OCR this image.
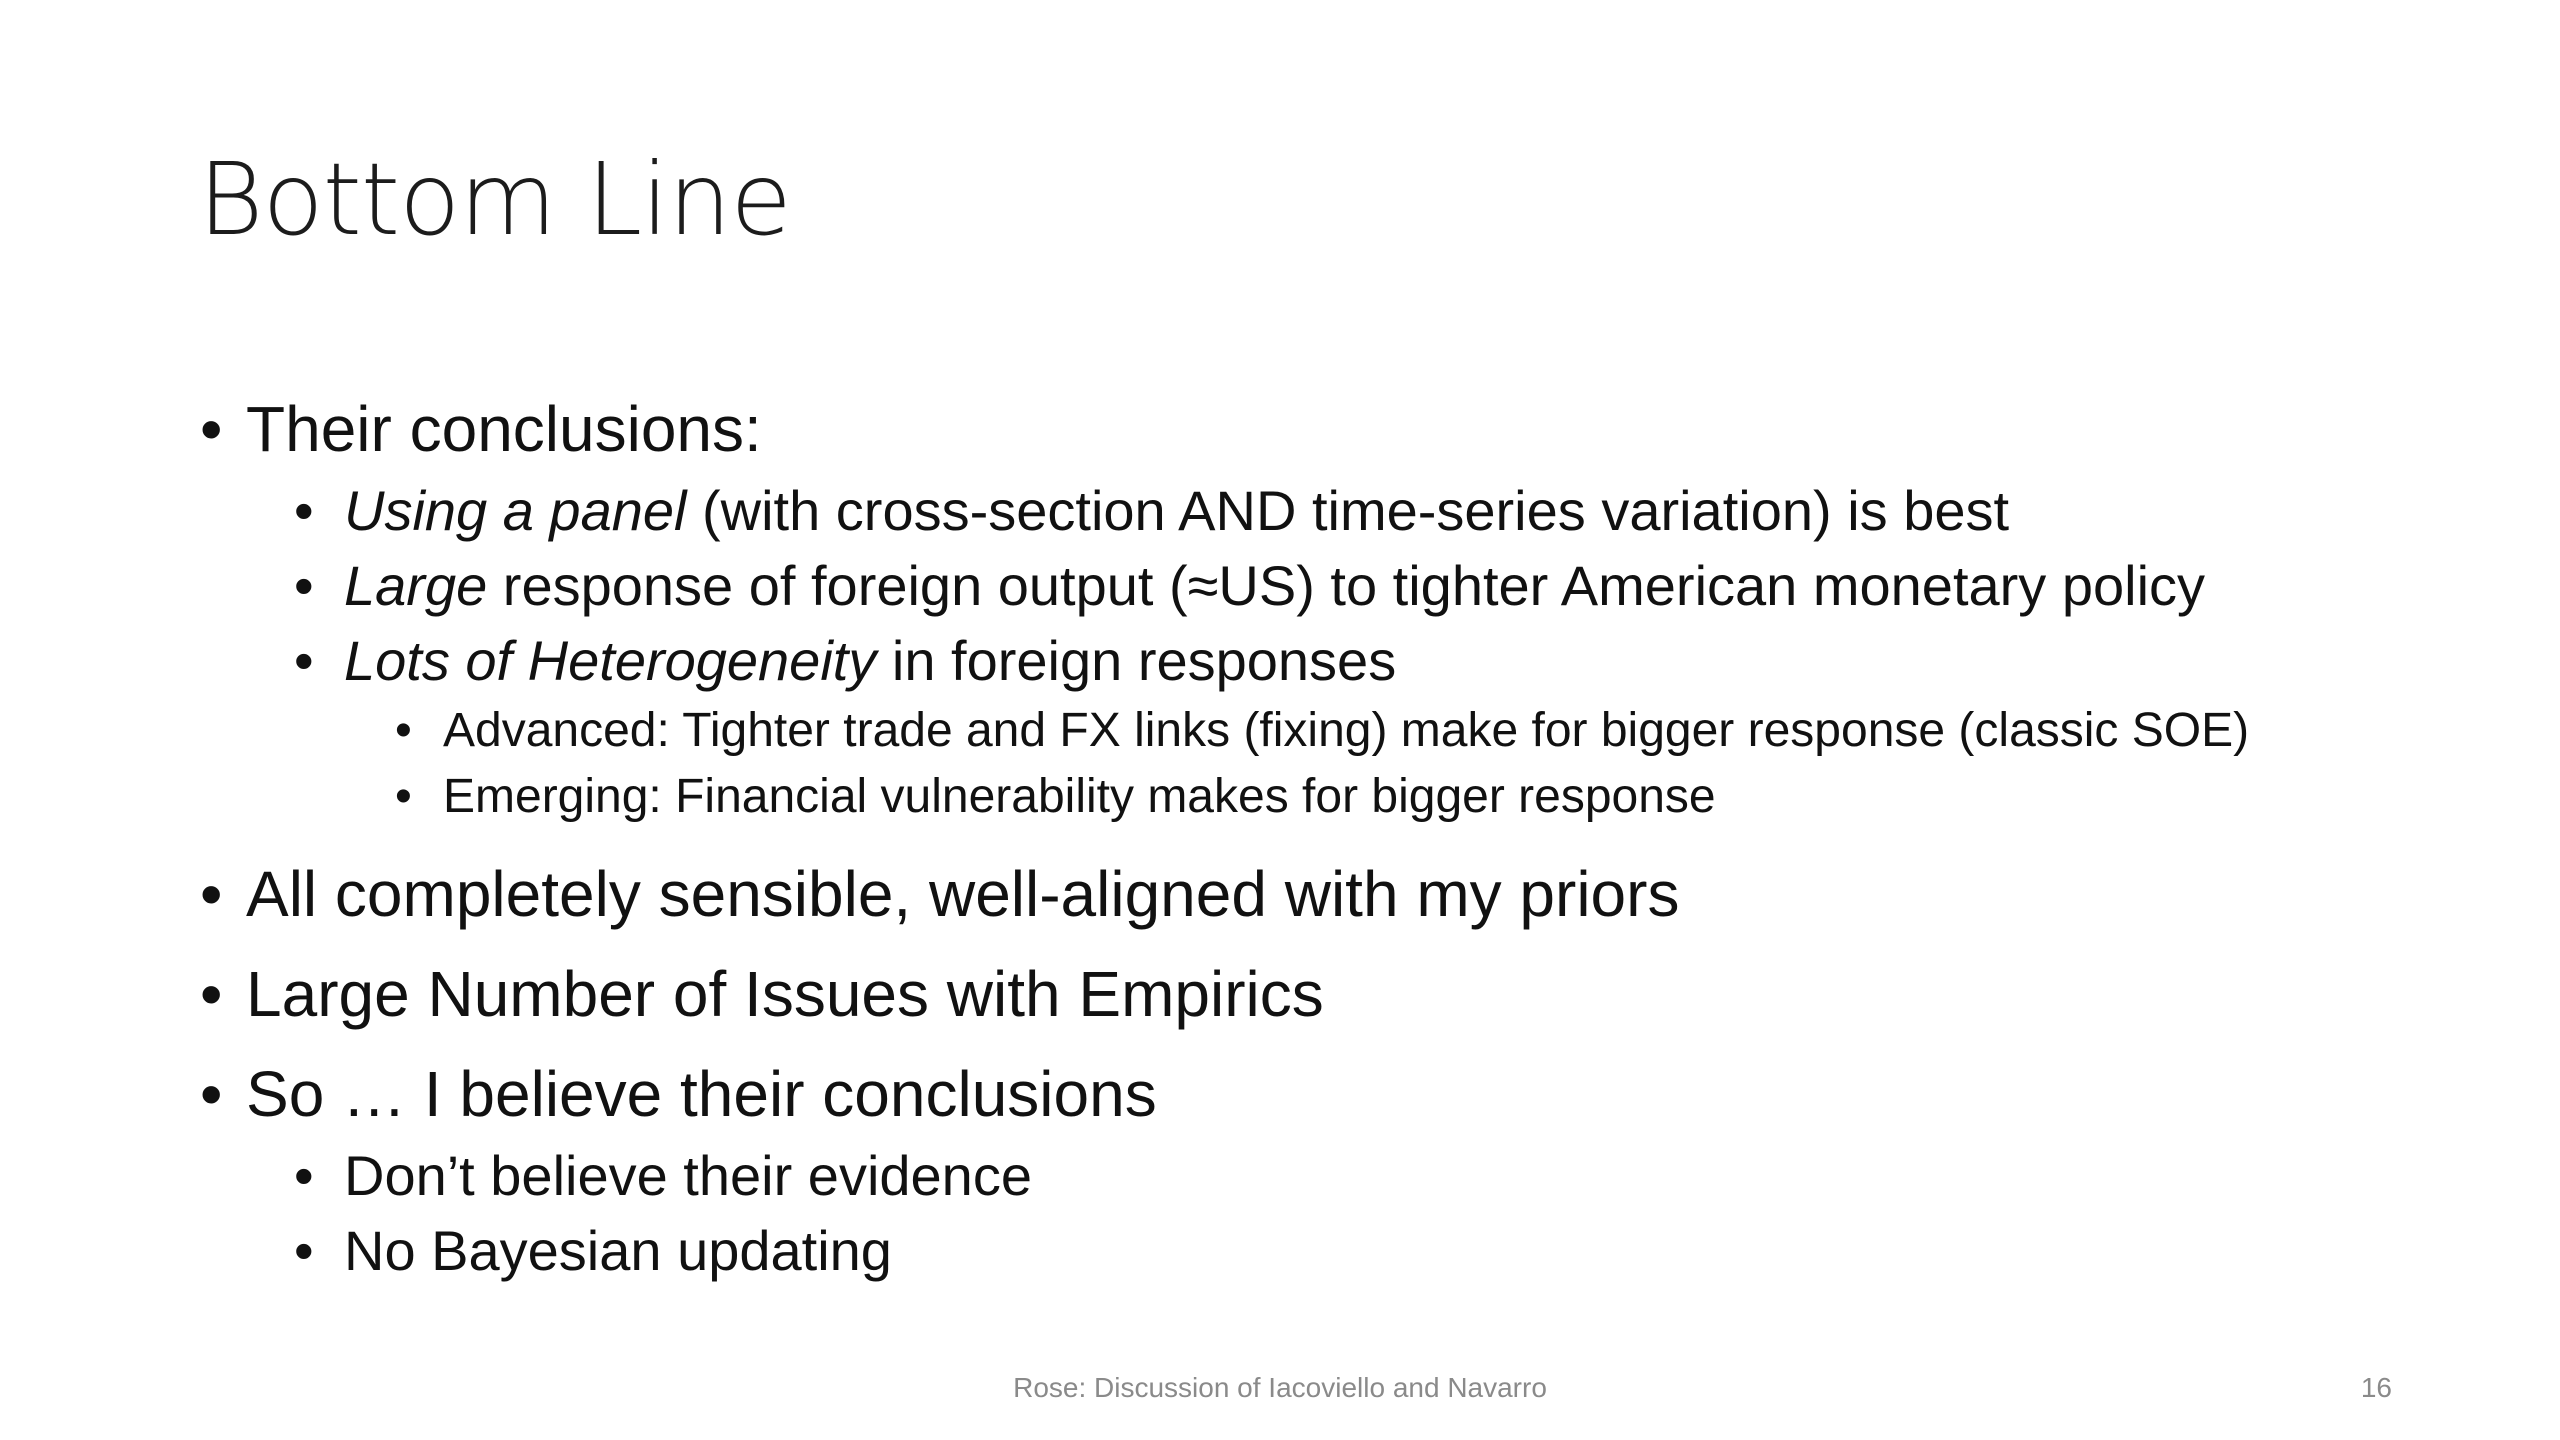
Bottom Line
• Their conclusions:
• Using a panel (with cross-section AND time-series variation) is best
• Large response of foreign output (≈US) to tighter American monetary policy
• Lots of Heterogeneity in foreign responses
• Advanced: Tighter trade and FX links (fixing) make for bigger response (classic SOE)
• Emerging: Financial vulnerability makes for bigger response
• All completely sensible, well-aligned with my priors
• Large Number of Issues with Empirics
• So … I believe their conclusions
• Don’t believe their evidence
• No Bayesian updating
Rose: Discussion of Iacoviello and Navarro	16
